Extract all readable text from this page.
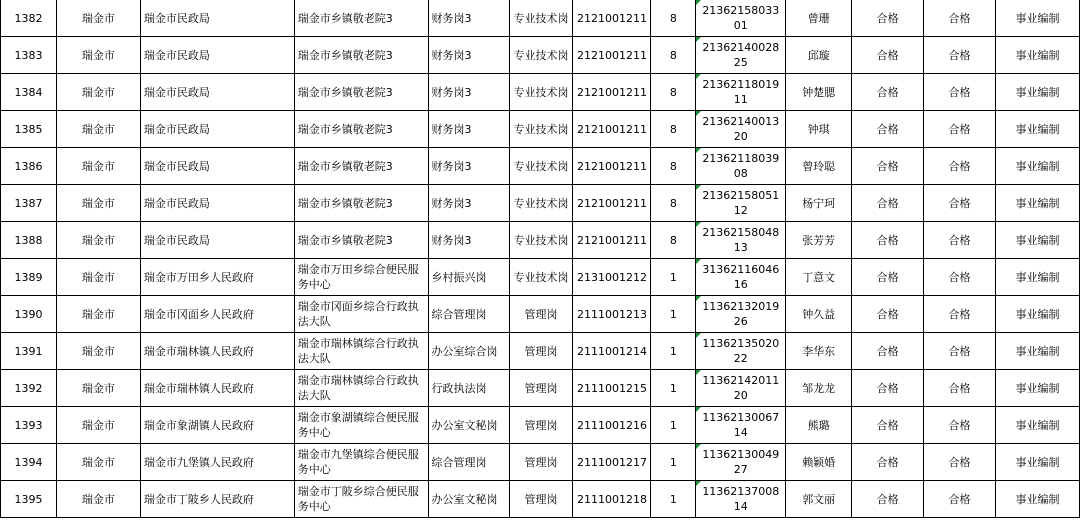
1382	瑞金市	瑞金市民政局	瑞金市乡镇敬老院3	财务岗3	专业技术岗	2121001211	8	2136215803301	曾珊	合格	合格	事业编制
1383	瑞金市	瑞金市民政局	瑞金市乡镇敬老院3	财务岗3	专业技术岗	2121001211	8	2136214002825	邱璇	合格	合格	事业编制
1384	瑞金市	瑞金市民政局	瑞金市乡镇敬老院3	财务岗3	专业技术岗	2121001211	8	2136211801911	钟楚腮	合格	合格	事业编制
1385	瑞金市	瑞金市民政局	瑞金市乡镇敬老院3	财务岗3	专业技术岗	2121001211	8	2136214001320	钟琪	合格	合格	事业编制
1386	瑞金市	瑞金市民政局	瑞金市乡镇敬老院3	财务岗3	专业技术岗	2121001211	8	2136211803908	曾玲聪	合格	合格	事业编制
1387	瑞金市	瑞金市民政局	瑞金市乡镇敬老院3	财务岗3	专业技术岗	2121001211	8	2136215805112	杨宁珂	合格	合格	事业编制
1388	瑞金市	瑞金市民政局	瑞金市乡镇敬老院3	财务岗3	专业技术岗	2121001211	8	2136215804813	张芳芳	合格	合格	事业编制
1389	瑞金市	瑞金市万田乡人民政府	瑞金市万田乡综合便民服务中心	乡村振兴岗	专业技术岗	2131001212	1	3136211604616	丁意文	合格	合格	事业编制
1390	瑞金市	瑞金市冈面乡人民政府	瑞金市冈面乡综合行政执法大队	综合管理岗	管理岗	2111001213	1	1136213201926	钟久益	合格	合格	事业编制
1391	瑞金市	瑞金市瑞林镇人民政府	瑞金市瑞林镇综合行政执法大队	办公室综合岗	管理岗	2111001214	1	1136213502022	李华东	合格	合格	事业编制
1392	瑞金市	瑞金市瑞林镇人民政府	瑞金市瑞林镇综合行政执法大队	行政执法岗	管理岗	2111001215	1	1136214201120	邹龙龙	合格	合格	事业编制
1393	瑞金市	瑞金市象湖镇人民政府	瑞金市象湖镇综合便民服务中心	办公室文秘岗	管理岗	2111001216	1	1136213006714	熊璐	合格	合格	事业编制
1394	瑞金市	瑞金市九堡镇人民政府	瑞金市九堡镇综合便民服务中心	综合管理岗	管理岗	2111001217	1	1136213004927	赖颖婚	合格	合格	事业编制
1395	瑞金市	瑞金市丁陂乡人民政府	瑞金市丁陂乡综合便民服务中心	办公室文秘岗	管理岗	2111001218	1	1136213700814	郭文丽	合格	合格	事业编制
